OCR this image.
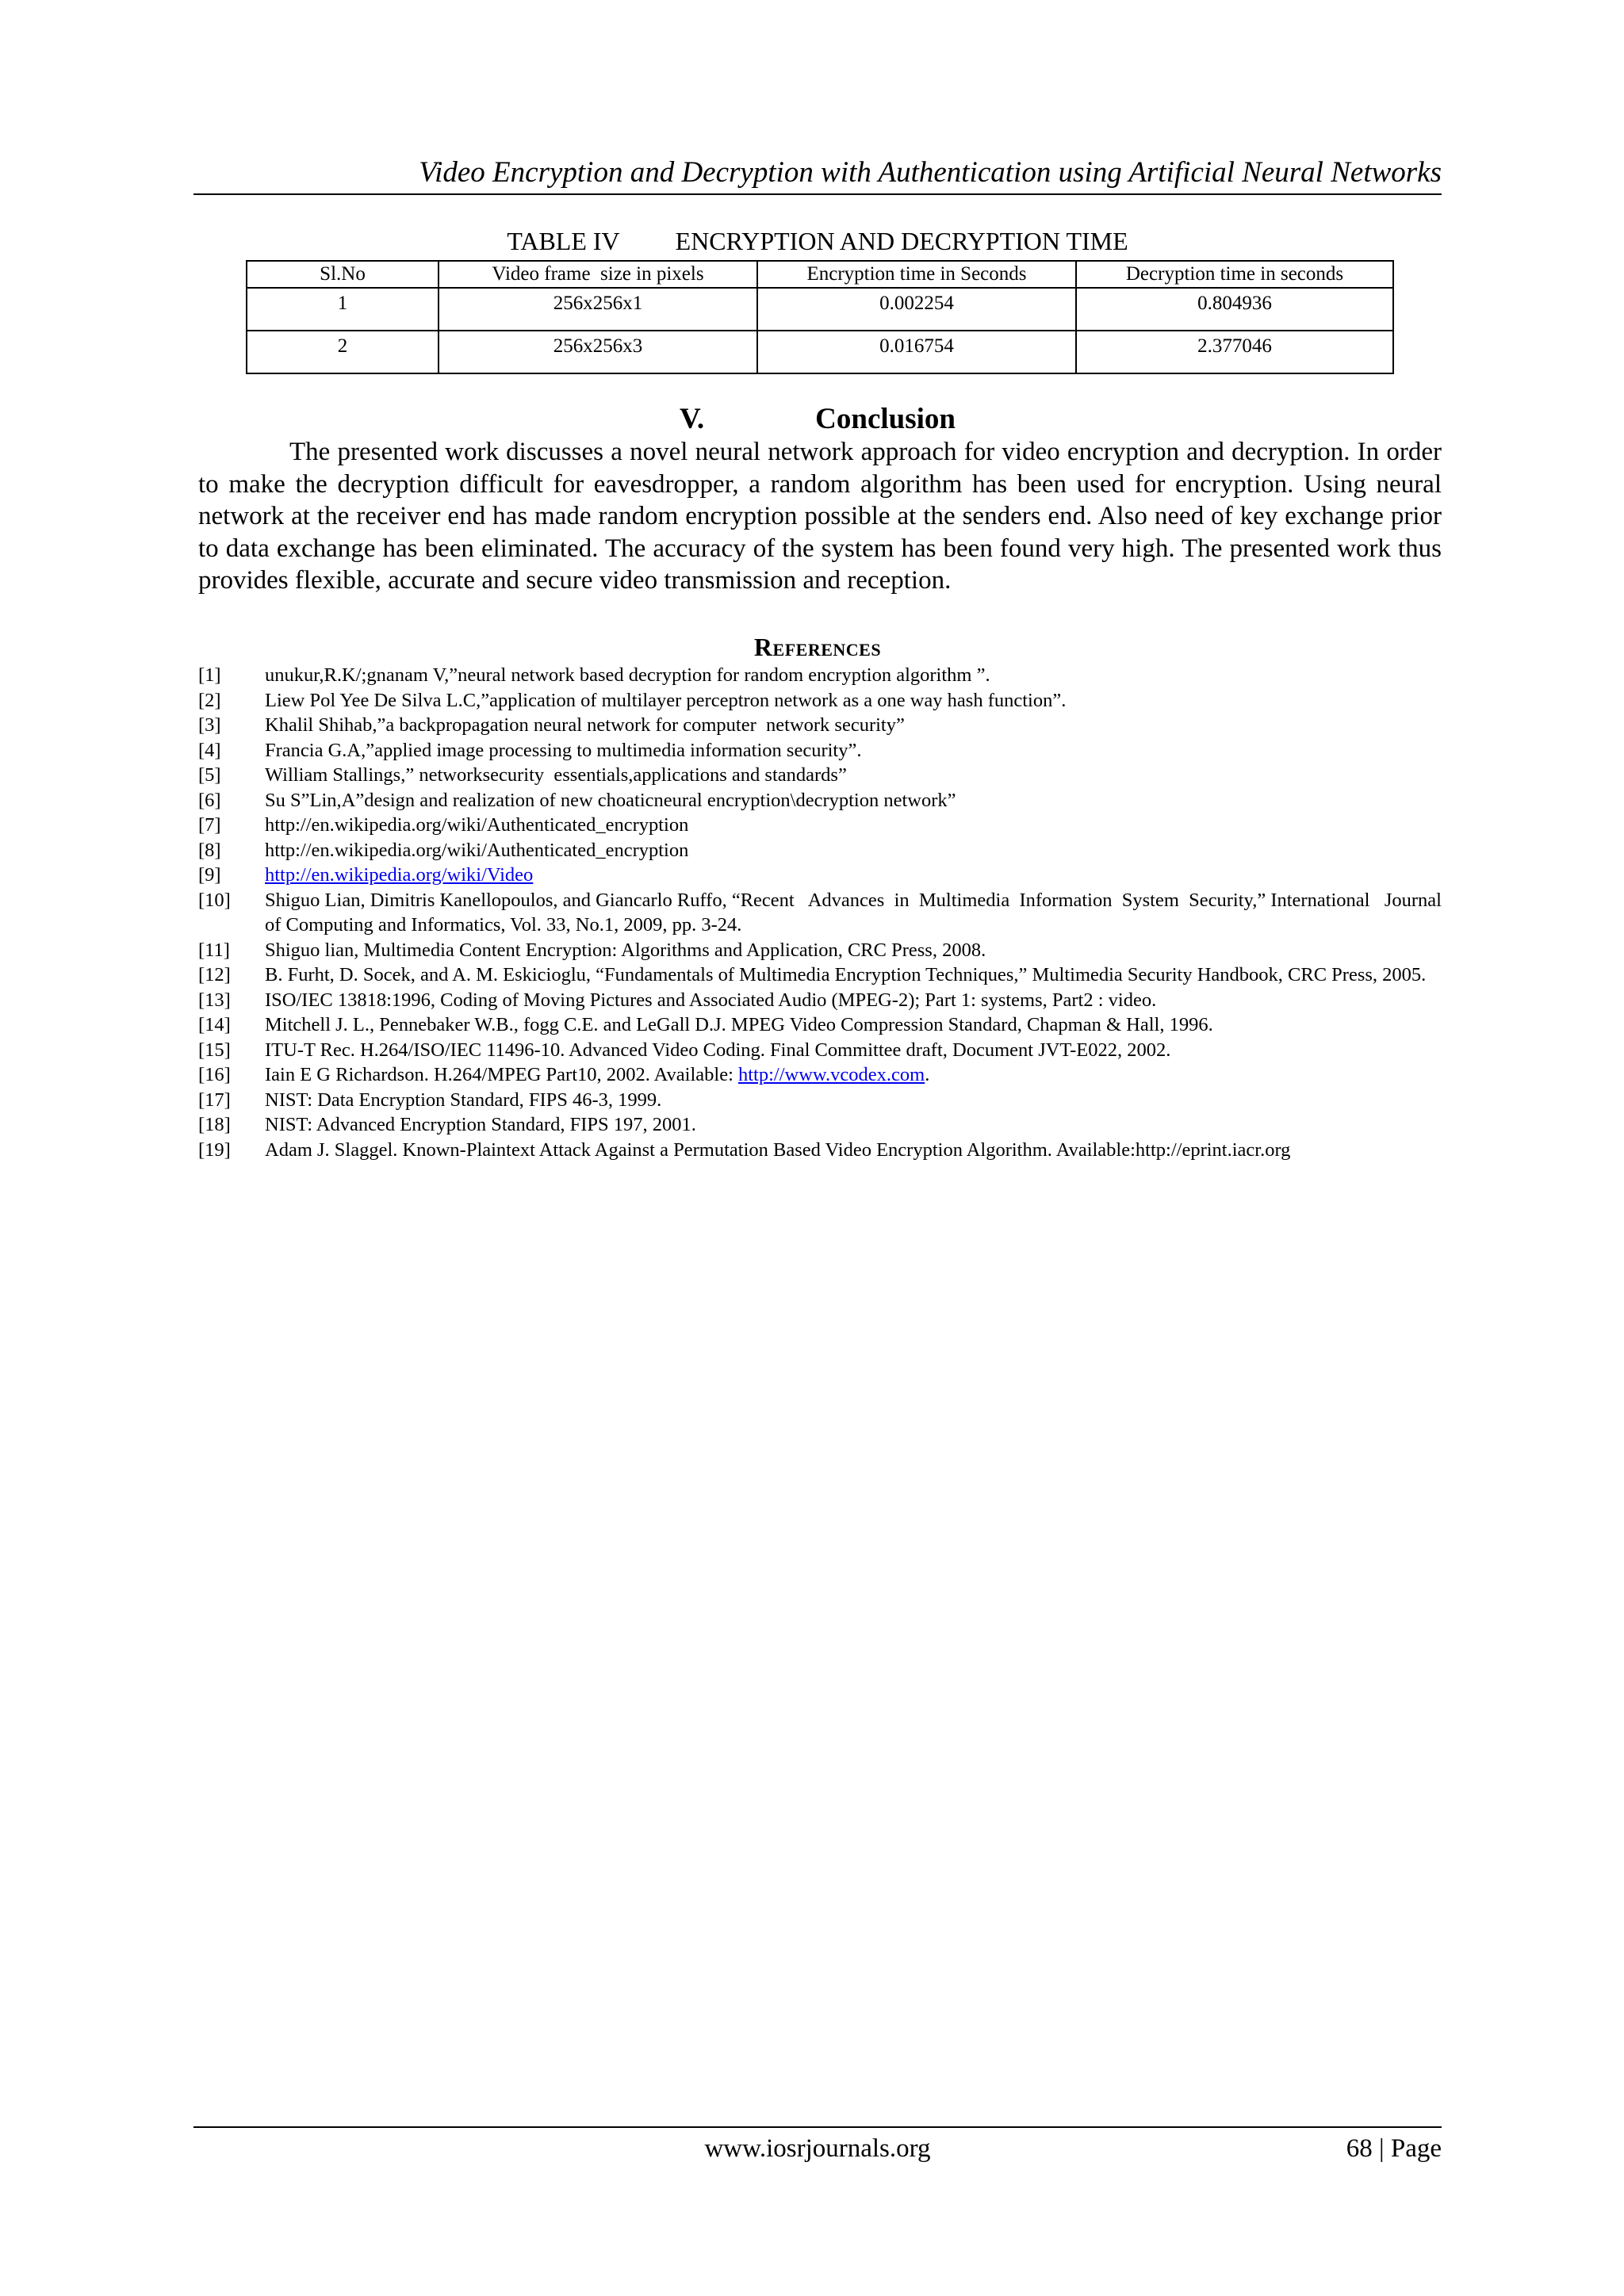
Video Encryption and Decryption with Authentication using Artificial Neural Networks
TABLE IV ENCRYPTION AND DECRYPTION TIME
Sl.No	Video frame  size in pixels	Encryption time in Seconds	Decryption time in seconds
1	256x256x1	0.002254	0.804936
2	256x256x3	0.016754	2.377046
V.	Conclusion

The presented work discusses a novel neural network approach for video encryption and decryption. In order to make the decryption difficult for eavesdropper, a random algorithm has been used for encryption. Using neural network at the receiver end has made random encryption possible at the senders end. Also need of key exchange prior to data exchange has been eliminated. The accuracy of the system has been found very high. The presented work thus provides flexible, accurate and secure video transmission and reception.

References
[1] unukur,R.K/;gnanam V,”neural network based decryption for random encryption algorithm ”.
[2] Liew Pol Yee De Silva L.C,”application of multilayer perceptron network as a one way hash function”.
[3] Khalil Shihab,”a backpropagation neural network for computer  network security”
[4] Francia G.A,”applied image processing to multimedia information security”.
[5] William Stallings,” networksecurity  essentials,applications and standards”
[6] Su S”Lin,A”design and realization of new choaticneural encryption\decryption network”
[7] http://en.wikipedia.org/wiki/Authenticated_encryption
[8] http://en.wikipedia.org/wiki/Authenticated_encryption
[9] http://en.wikipedia.org/wiki/Video
[10] Shiguo Lian, Dimitris Kanellopoulos, and Giancarlo Ruffo, “Recent   Advances  in  Multimedia  Information  System  Security,” International   Journal of Computing and Informatics, Vol. 33, No.1, 2009, pp. 3-24.
[11] Shiguo lian, Multimedia Content Encryption: Algorithms and Application, CRC Press, 2008.
[12] B. Furht, D. Socek, and A. M. Eskicioglu, “Fundamentals of Multimedia Encryption Techniques,” Multimedia Security Handbook, CRC Press, 2005.
[13] ISO/IEC 13818:1996, Coding of Moving Pictures and Associated Audio (MPEG-2); Part 1: systems, Part2 : video.
[14] Mitchell J. L., Pennebaker W.B., fogg C.E. and LeGall D.J. MPEG Video Compression Standard, Chapman & Hall, 1996.
[15] ITU-T Rec. H.264/ISO/IEC 11496-10. Advanced Video Coding. Final Committee draft, Document JVT-E022, 2002.
[16] Iain E G Richardson. H.264/MPEG Part10, 2002. Available: http://www.vcodex.com.
[17] NIST: Data Encryption Standard, FIPS 46-3, 1999.
[18] NIST: Advanced Encryption Standard, FIPS 197, 2001.
[19] Adam J. Slaggel. Known-Plaintext Attack Against a Permutation Based Video Encryption Algorithm. Available:http://eprint.iacr.org
www.iosrjournals.org	68 | Page
